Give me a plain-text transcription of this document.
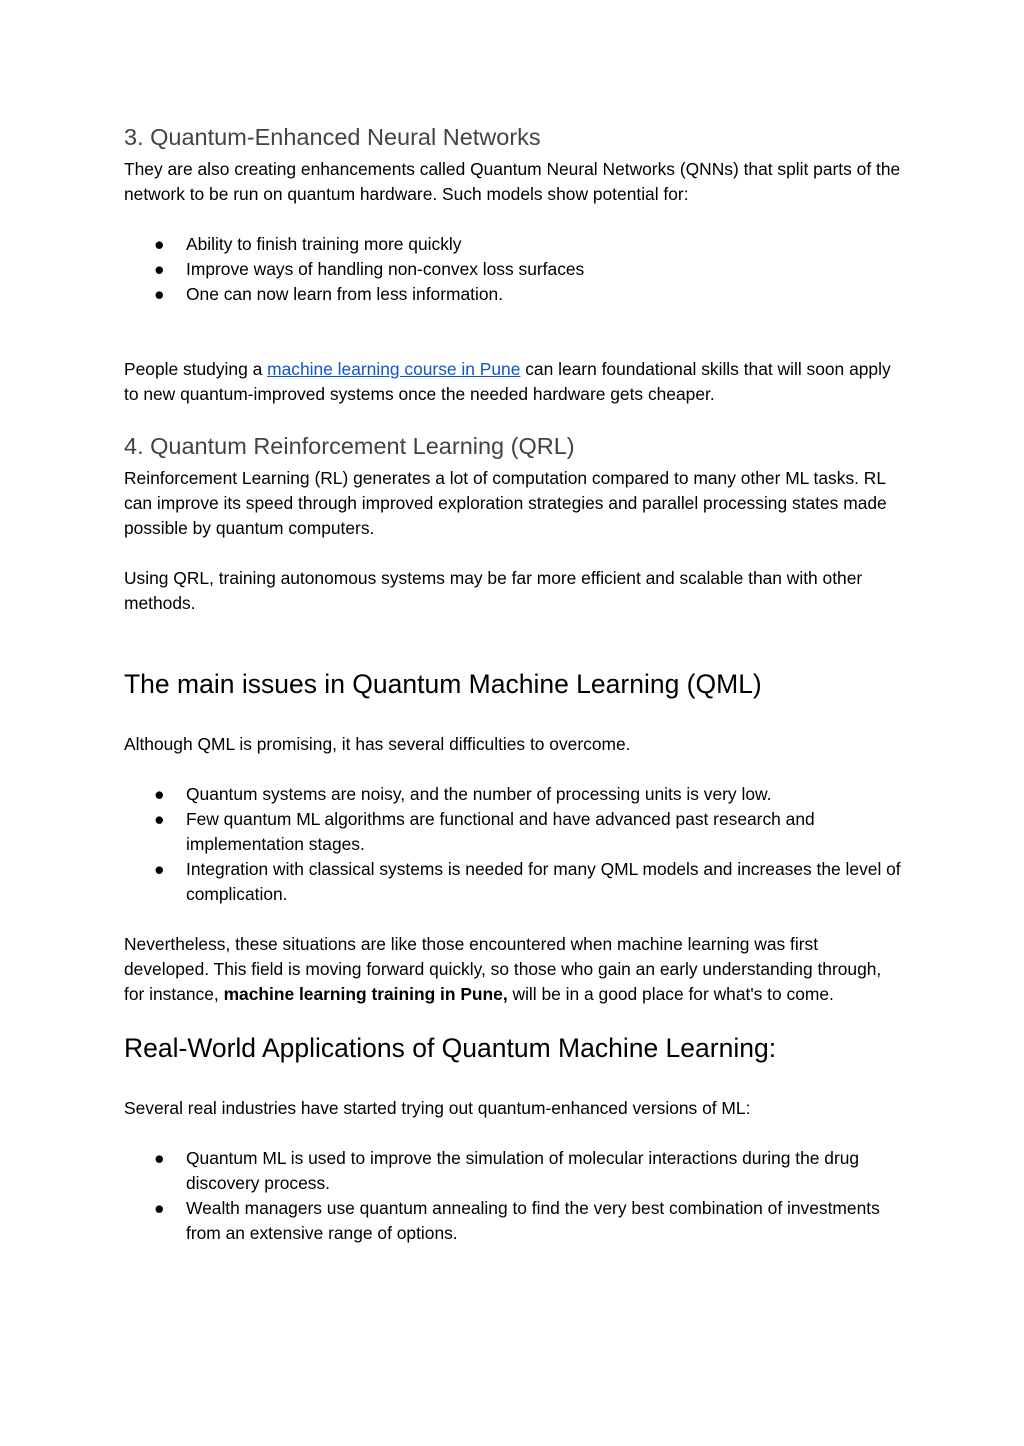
3. Quantum-Enhanced Neural Networks

They are also creating enhancements called Quantum Neural Networks (QNNs) that split parts of the network to be run on quantum hardware. Such models show potential for:

● Ability to finish training more quickly
● Improve ways of handling non-convex loss surfaces
● One can now learn from less information.

People studying a machine learning course in Pune can learn foundational skills that will soon apply to new quantum-improved systems once the needed hardware gets cheaper.

4. Quantum Reinforcement Learning (QRL)

Reinforcement Learning (RL) generates a lot of computation compared to many other ML tasks. RL can improve its speed through improved exploration strategies and parallel processing states made possible by quantum computers.

Using QRL, training autonomous systems may be far more efficient and scalable than with other methods.

The main issues in Quantum Machine Learning (QML)

Although QML is promising, it has several difficulties to overcome.

● Quantum systems are noisy, and the number of processing units is very low.
● Few quantum ML algorithms are functional and have advanced past research and implementation stages.
● Integration with classical systems is needed for many QML models and increases the level of complication.

Nevertheless, these situations are like those encountered when machine learning was first developed. This field is moving forward quickly, so those who gain an early understanding through, for instance, machine learning training in Pune, will be in a good place for what's to come.

Real-World Applications of Quantum Machine Learning:

Several real industries have started trying out quantum-enhanced versions of ML:

● Quantum ML is used to improve the simulation of molecular interactions during the drug discovery process.
● Wealth managers use quantum annealing to find the very best combination of investments from an extensive range of options.
